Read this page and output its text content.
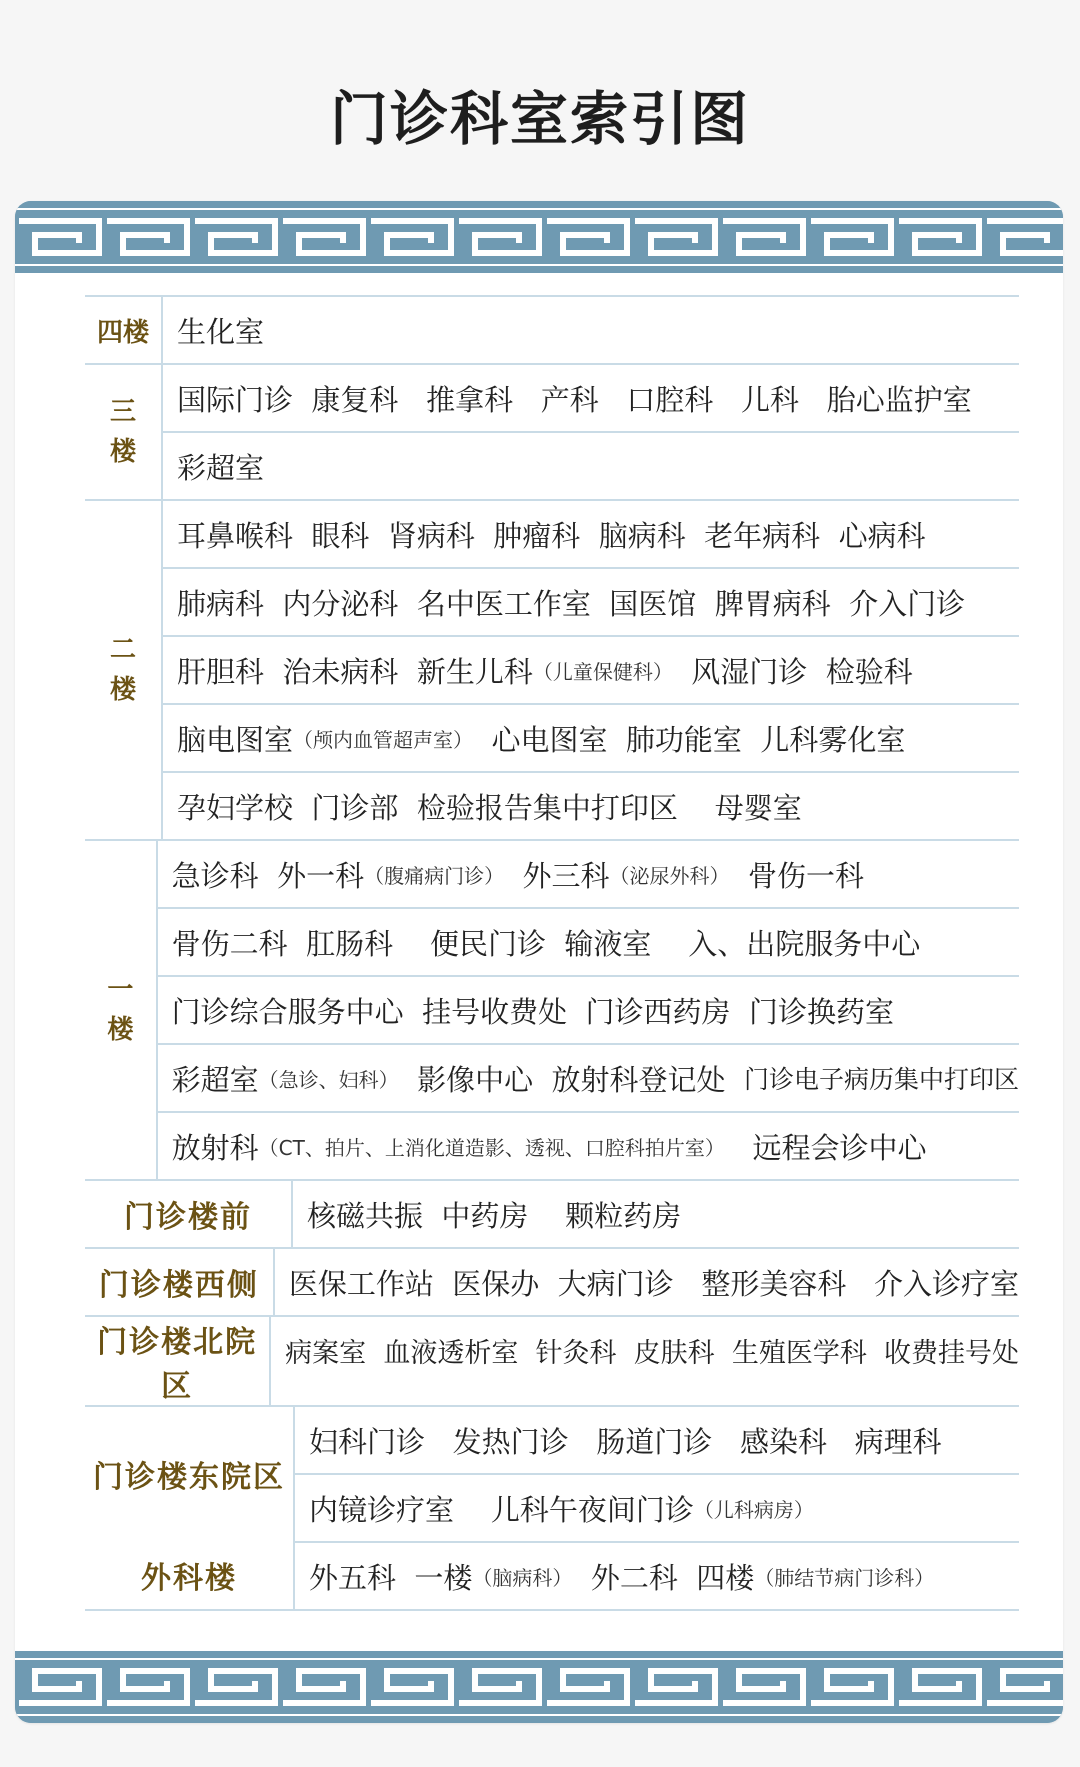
门诊科室索引图
四楼 生化室
三
楼
国际门诊  康复科   推拿科   产科   口腔科   儿科   胎心监护室
彩超室
二
楼
耳鼻喉科  眼科  肾病科  肿瘤科  脑病科  老年病科  心病科
肺病科  内分泌科  名中医工作室  国医馆  脾胃病科  介入门诊
肝胆科  治未病科  新生儿科 （儿童保健科） 风湿门诊  检验科
脑电图室 （颅内血管超声室） 心电图室  肺功能室  儿科雾化室
孕妇学校  门诊部  检验报告集中打印区    母婴室
一
楼
急诊科  外一科 （腹痛病门诊） 外三科 （泌尿外科） 骨伤一科
骨伤二科  肛肠科    便民门诊  输液室    入、出院服务中心
门诊综合服务中心  挂号收费处  门诊西药房  门诊换药室
彩超室 （急诊、妇科） 影像中心  放射科登记处 门诊电子病历集中打印区
放射科 （CT、拍片、上消化道造影、透视、口腔科拍片室） 远程会诊中心
门诊楼前	核磁共振  中药房    颗粒药房
门诊楼西侧	医保工作站  医保办  大病门诊   整形美容科   介入诊疗室
门诊楼北院区
病案室  血液透析室  针灸科  皮肤科  生殖医学科  收费挂号处
门诊楼东院区
外科楼
妇科门诊   发热门诊   肠道门诊   感染科   病理科
内镜诊疗室    儿科午夜间门诊 （儿科病房）
外五科  一楼 （脑病科） 外二科  四楼 （肺结节病门诊科）
